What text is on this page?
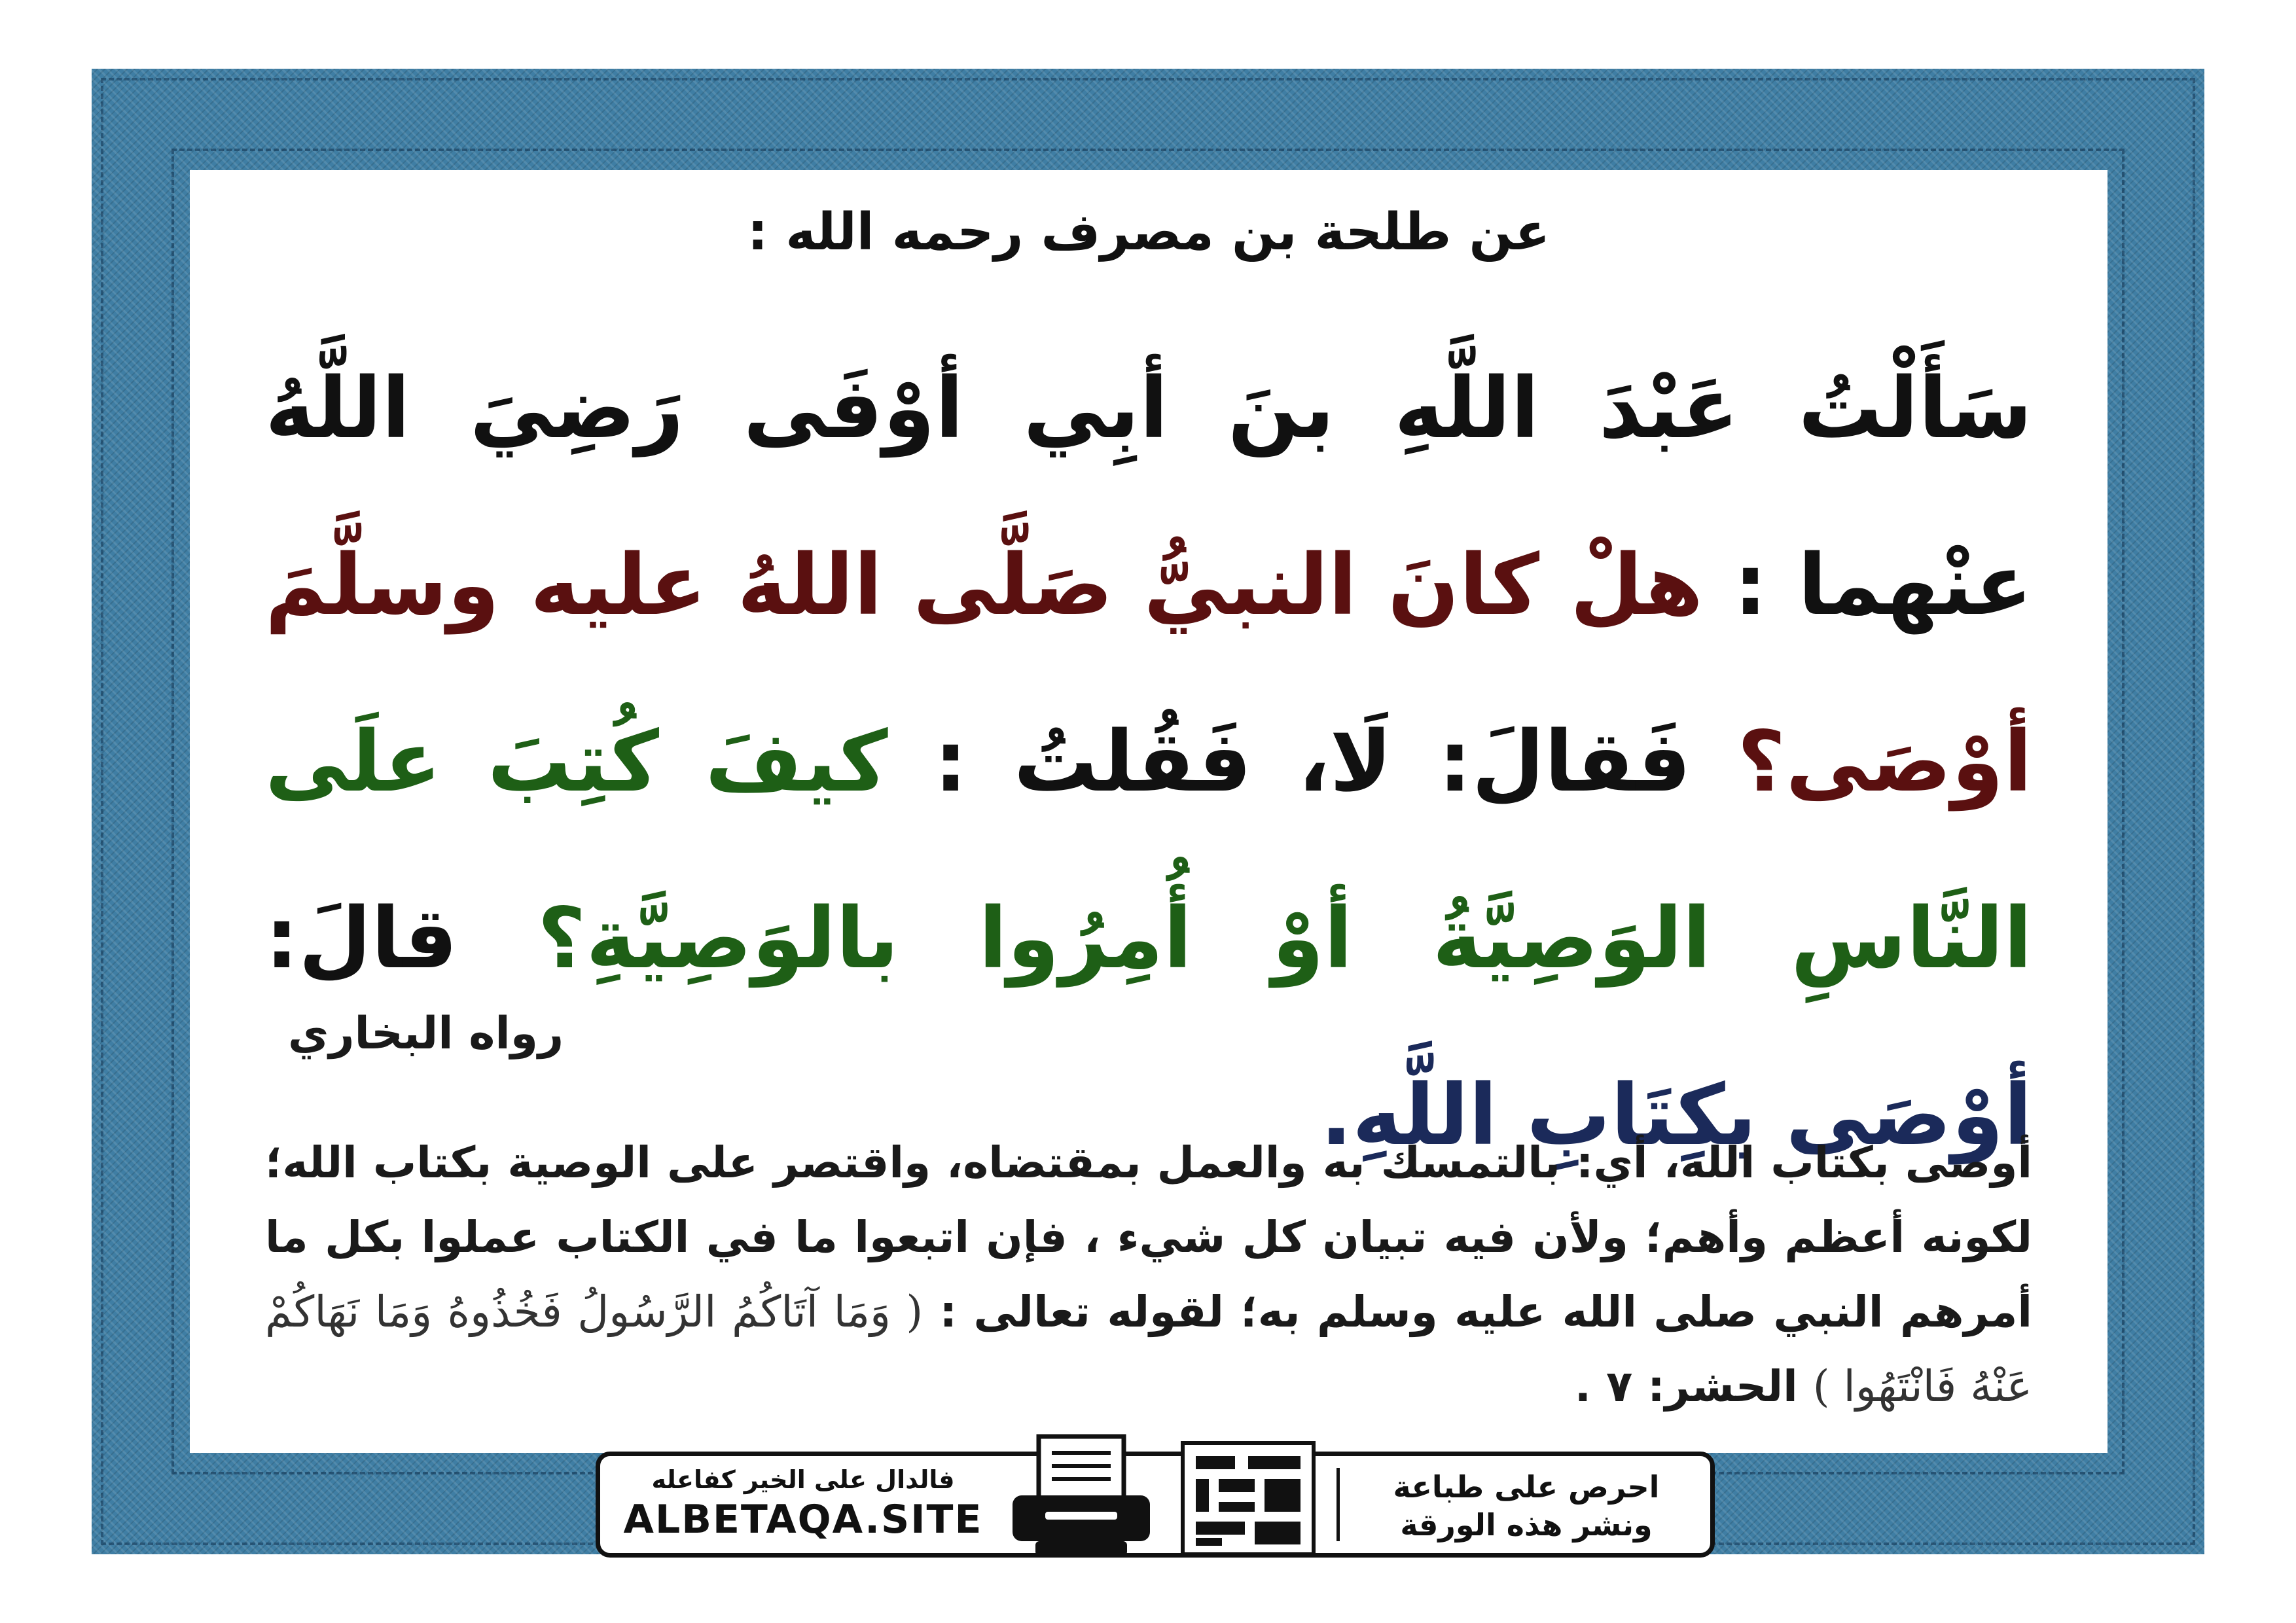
عن طلحة بن مصرف رحمه الله :
سَأَلْتُ عَبْدَ اللَّهِ بنَ أبِي أوْفَى رَضِيَ اللَّهُ عنْهما : هلْ كانَ النبيُّ صَلَّى اللهُ عليه وسلَّمَ أوْصَى؟ فَقالَ: لَا، فَقُلتُ : كيفَ كُتِبَ علَى النَّاسِ الوَصِيَّةُ أوْ أُمِرُوا بالوَصِيَّةِ؟ قالَ: أوْصَى بكِتَابِ اللَّهِ.
رواه البخاري
أوصى بكتاب الله، أي: بالتمسك به والعمل بمقتضاه، واقتصر على الوصية بكتاب الله؛ لكونه أعظم وأهم؛ ولأن فيه تبيان كل شيء ، فإن اتبعوا ما في الكتاب عملوا بكل ما أمرهم النبي صلى الله عليه وسلم به؛ لقوله تعالى : ( وَمَا آتَاكُمُ الرَّسُولُ فَخُذُوهُ وَمَا نَهَاكُمْ عَنْهُ فَانْتَهُوا ) الحشر: ٧ .
فالدال على الخير كفاعله
ALBETAQA.SITE
احرص على طباعة
ونشر هذه الورقة
